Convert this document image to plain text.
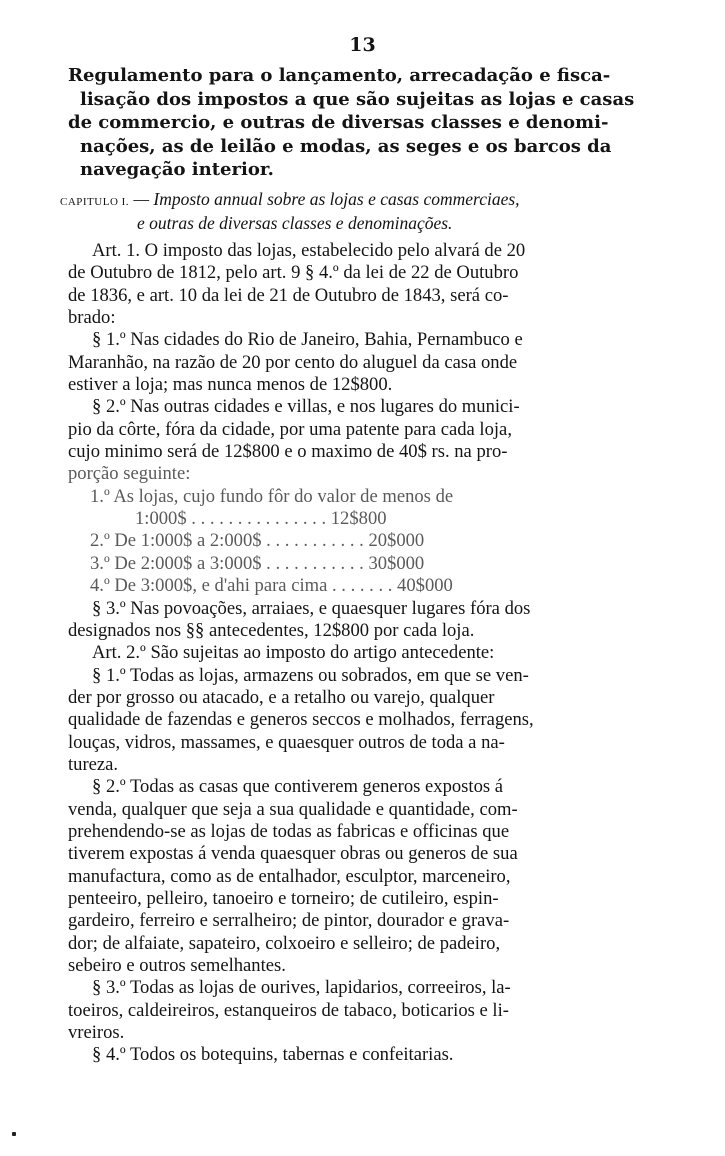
13
Regulamento para o lançamento, arrecadação e fisca-
lisação dos impostos a que são sujeitas as lojas e casas
de commercio, e outras de diversas classes e denomi-
nações, as de leilão e modas, as seges e os barcos da
navegação interior.
CAPITULO I. — Imposto annual sobre as lojas e casas commerciaes,
e outras de diversas classes e denominações.
Art. 1. O imposto das lojas, estabelecido pelo alvará de 20
de Outubro de 1812, pelo art. 9 § 4.º da lei de 22 de Outubro
de 1836, e art. 10 da lei de 21 de Outubro de 1843, será co-
brado:
§ 1.º Nas cidades do Rio de Janeiro, Bahia, Pernambuco e
Maranhão, na razão de 20 por cento do aluguel da casa onde
estiver a loja; mas nunca menos de 12$800.
§ 2.º Nas outras cidades e villas, e nos lugares do munici-
pio da côrte, fóra da cidade, por uma patente para cada loja,
cujo minimo será de 12$800 e o maximo de 40$ rs. na pro-
porção seguinte:
1.º As lojas, cujo fundo fôr do valor de menos de
1:000$ . . . . . . . . . . . . . . . 12$800
2.º De 1:000$ a 2:000$ . . . . . . . . . . . 20$000
3.º De 2:000$ a 3:000$ . . . . . . . . . . . 30$000
4.º De 3:000$, e d'ahi para cima . . . . . . . 40$000
§ 3.º Nas povoações, arraiaes, e quaesquer lugares fóra dos
designados nos §§ antecedentes, 12$800 por cada loja.
Art. 2.º São sujeitas ao imposto do artigo antecedente:
§ 1.º Todas as lojas, armazens ou sobrados, em que se ven-
der por grosso ou atacado, e a retalho ou varejo, qualquer
qualidade de fazendas e generos seccos e molhados, ferragens,
louças, vidros, massames, e quaesquer outros de toda a na-
tureza.
§ 2.º Todas as casas que contiverem generos expostos á
venda, qualquer que seja a sua qualidade e quantidade, com-
prehendendo-se as lojas de todas as fabricas e officinas que
tiverem expostas á venda quaesquer obras ou generos de sua
manufactura, como as de entalhador, esculptor, marceneiro,
penteeiro, pelleiro, tanoeiro e torneiro; de cutileiro, espin-
gardeiro, ferreiro e serralheiro; de pintor, dourador e grava-
dor; de alfaiate, sapateiro, colxoeiro e selleiro; de padeiro,
sebeiro e outros semelhantes.
§ 3.º Todas as lojas de ourives, lapidarios, correeiros, la-
toeiros, caldeireiros, estanqueiros de tabaco, boticarios e li-
vreiros.
§ 4.º Todos os botequins, tabernas e confeitarias.
